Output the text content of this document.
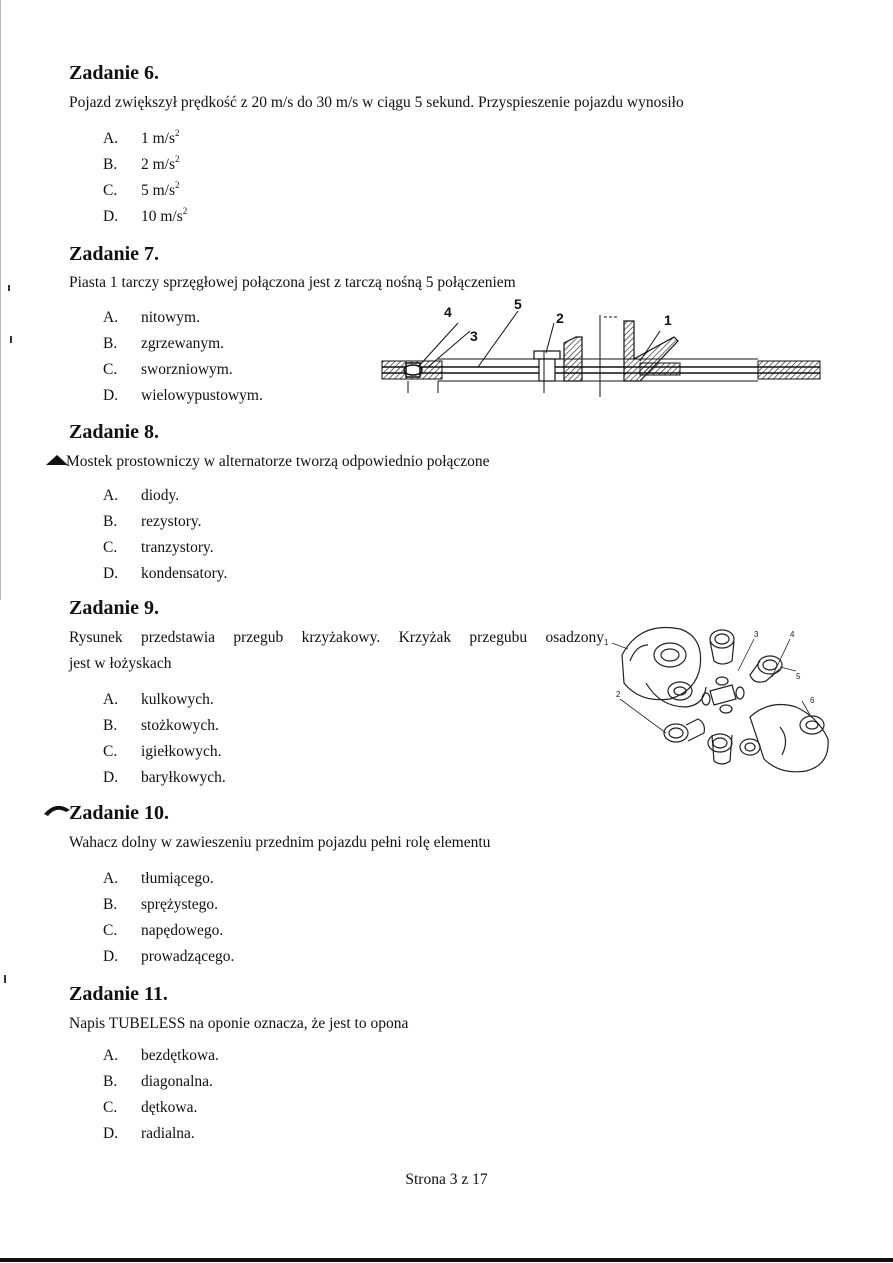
Zadanie 6.

Pojazd zwiększył prędkość z 20 m/s do 30 m/s w ciągu 5 sekund. Przyspieszenie pojazdu wynosiło

A. 1 $m/s^2$
B. 2 $m/s^2$
C. 5 $m/s^2$
D. 10 $m/s^2$
Zadanie 7.

Piasta 1 tarczy sprzęgłowej połączona jest z tarczą nośną 5 połączeniem

A. nitowym.
B. zgrzewanym.
C. sworzniowym.
D. wielowypustowym.
4	5
3
2	1
Zadanie 8.

Mostek prostowniczy w alternatorze tworzą odpowiednio połączone

A. diody.
B. rezystory.
C. tranzystory.
D. kondensatory.
Zadanie 9.

Rysunek przedstawia przegub krzyżakowy. Krzyżak przegubu osadzony

jest w łożyskach

A. kulkowych.
B. stożkowych.
C. igiełkowych.
D. baryłkowych.
1
2
3	4
5
6
Zadanie 10.

Wahacz dolny w zawieszeniu przednim pojazdu pełni rolę elementu

A. tłumiącego.
B. sprężystego.
C. napędowego.
D. prowadzącego.
Zadanie 11.

Napis TUBELESS na oponie oznacza, że jest to opona

A. bezdętkowa.
B. diagonalna.
C. dętkowa.
D. radialna.
Strona 3 z 17
